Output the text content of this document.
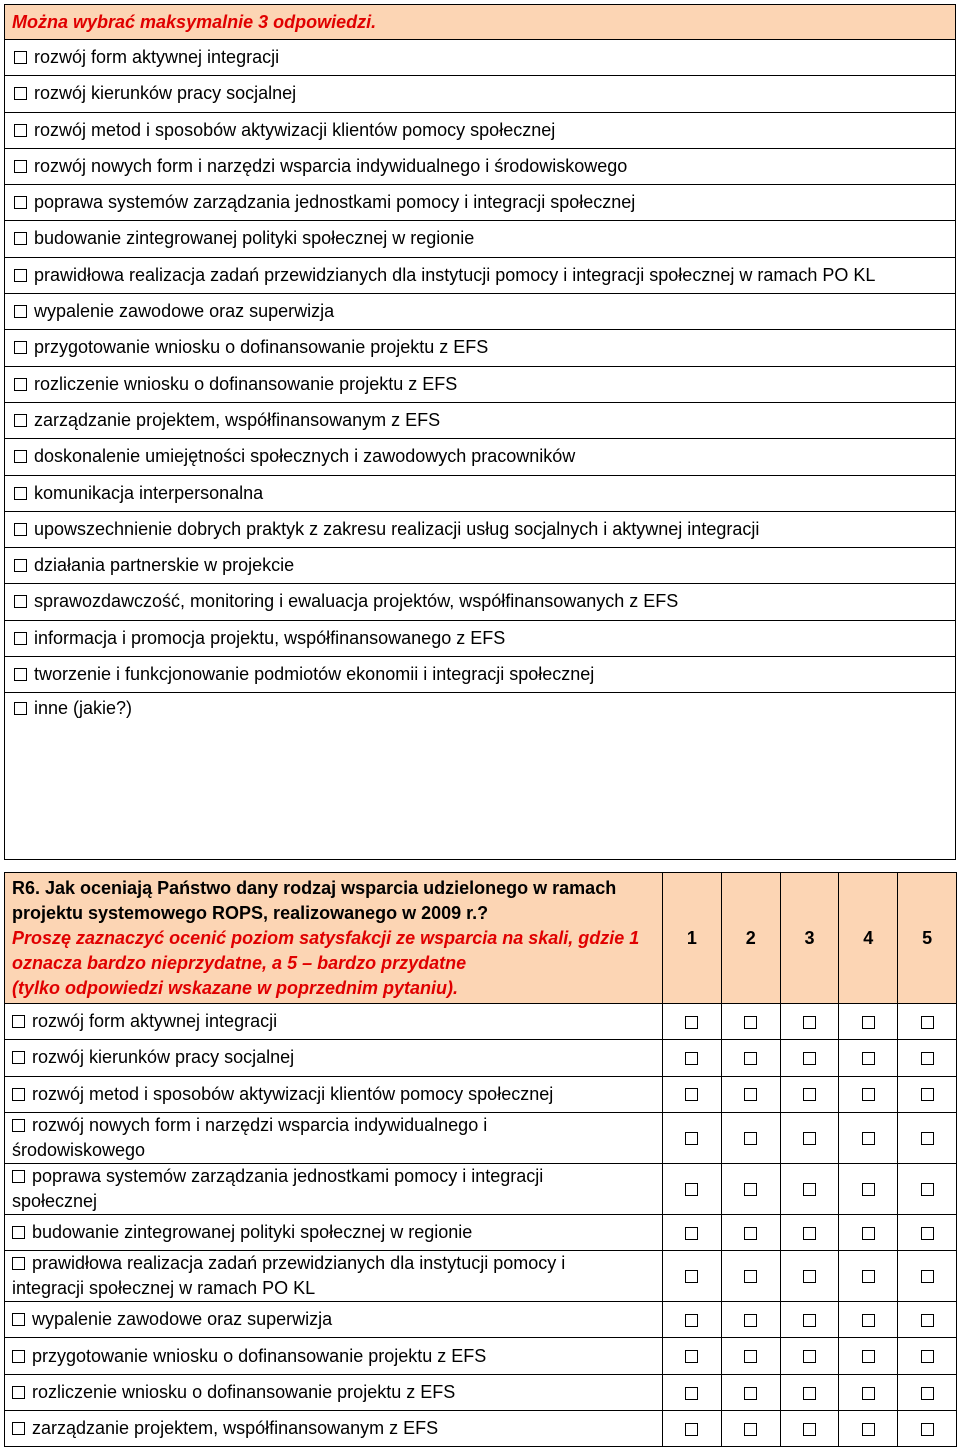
Można wybrać maksymalnie 3 odpowiedzi.
rozwój form aktywnej integracji
rozwój kierunków pracy socjalnej
rozwój metod i sposobów aktywizacji klientów pomocy społecznej
rozwój nowych form i narzędzi wsparcia indywidualnego i środowiskowego
poprawa systemów zarządzania jednostkami pomocy i integracji społecznej
budowanie zintegrowanej polityki społecznej w regionie
prawidłowa realizacja zadań przewidzianych dla instytucji pomocy i integracji społecznej w ramach PO KL
wypalenie zawodowe oraz superwizja
przygotowanie wniosku o dofinansowanie projektu z EFS
rozliczenie wniosku o dofinansowanie projektu z EFS
zarządzanie projektem, współfinansowanym z EFS
doskonalenie umiejętności społecznych i zawodowych pracowników
komunikacja interpersonalna
upowszechnienie dobrych praktyk z zakresu realizacji usług socjalnych i aktywnej integracji
działania partnerskie w projekcie
sprawozdawczość, monitoring i ewaluacja projektów, współfinansowanych z EFS
informacja i promocja projektu, współfinansowanego z EFS
tworzenie i funkcjonowanie podmiotów ekonomii i integracji społecznej
inne (jakie?)
R6. Jak oceniają Państwo dany rodzaj wsparcia udzielonego w ramach
projektu systemowego ROPS, realizowanego w 2009 r.?
Proszę zaznaczyć ocenić poziom satysfakcji ze wsparcia na skali, gdzie 1
oznacza bardzo nieprzydatne, a 5 – bardzo przydatne
(tylko odpowiedzi wskazane w poprzednim pytaniu).	1	2	3	4	5
rozwój form aktywnej integracji					
rozwój kierunków pracy socjalnej					
rozwój metod i sposobów aktywizacji klientów pomocy społecznej					
rozwój nowych form i narzędzi wsparcia indywidualnego i
środowiskowego					
poprawa systemów zarządzania jednostkami pomocy i integracji
społecznej					
budowanie zintegrowanej polityki społecznej w regionie					
prawidłowa realizacja zadań przewidzianych dla instytucji pomocy i
integracji społecznej w ramach PO KL					
wypalenie zawodowe oraz superwizja					
przygotowanie wniosku o dofinansowanie projektu z EFS					
rozliczenie wniosku o dofinansowanie projektu z EFS					
zarządzanie projektem, współfinansowanym z EFS					
